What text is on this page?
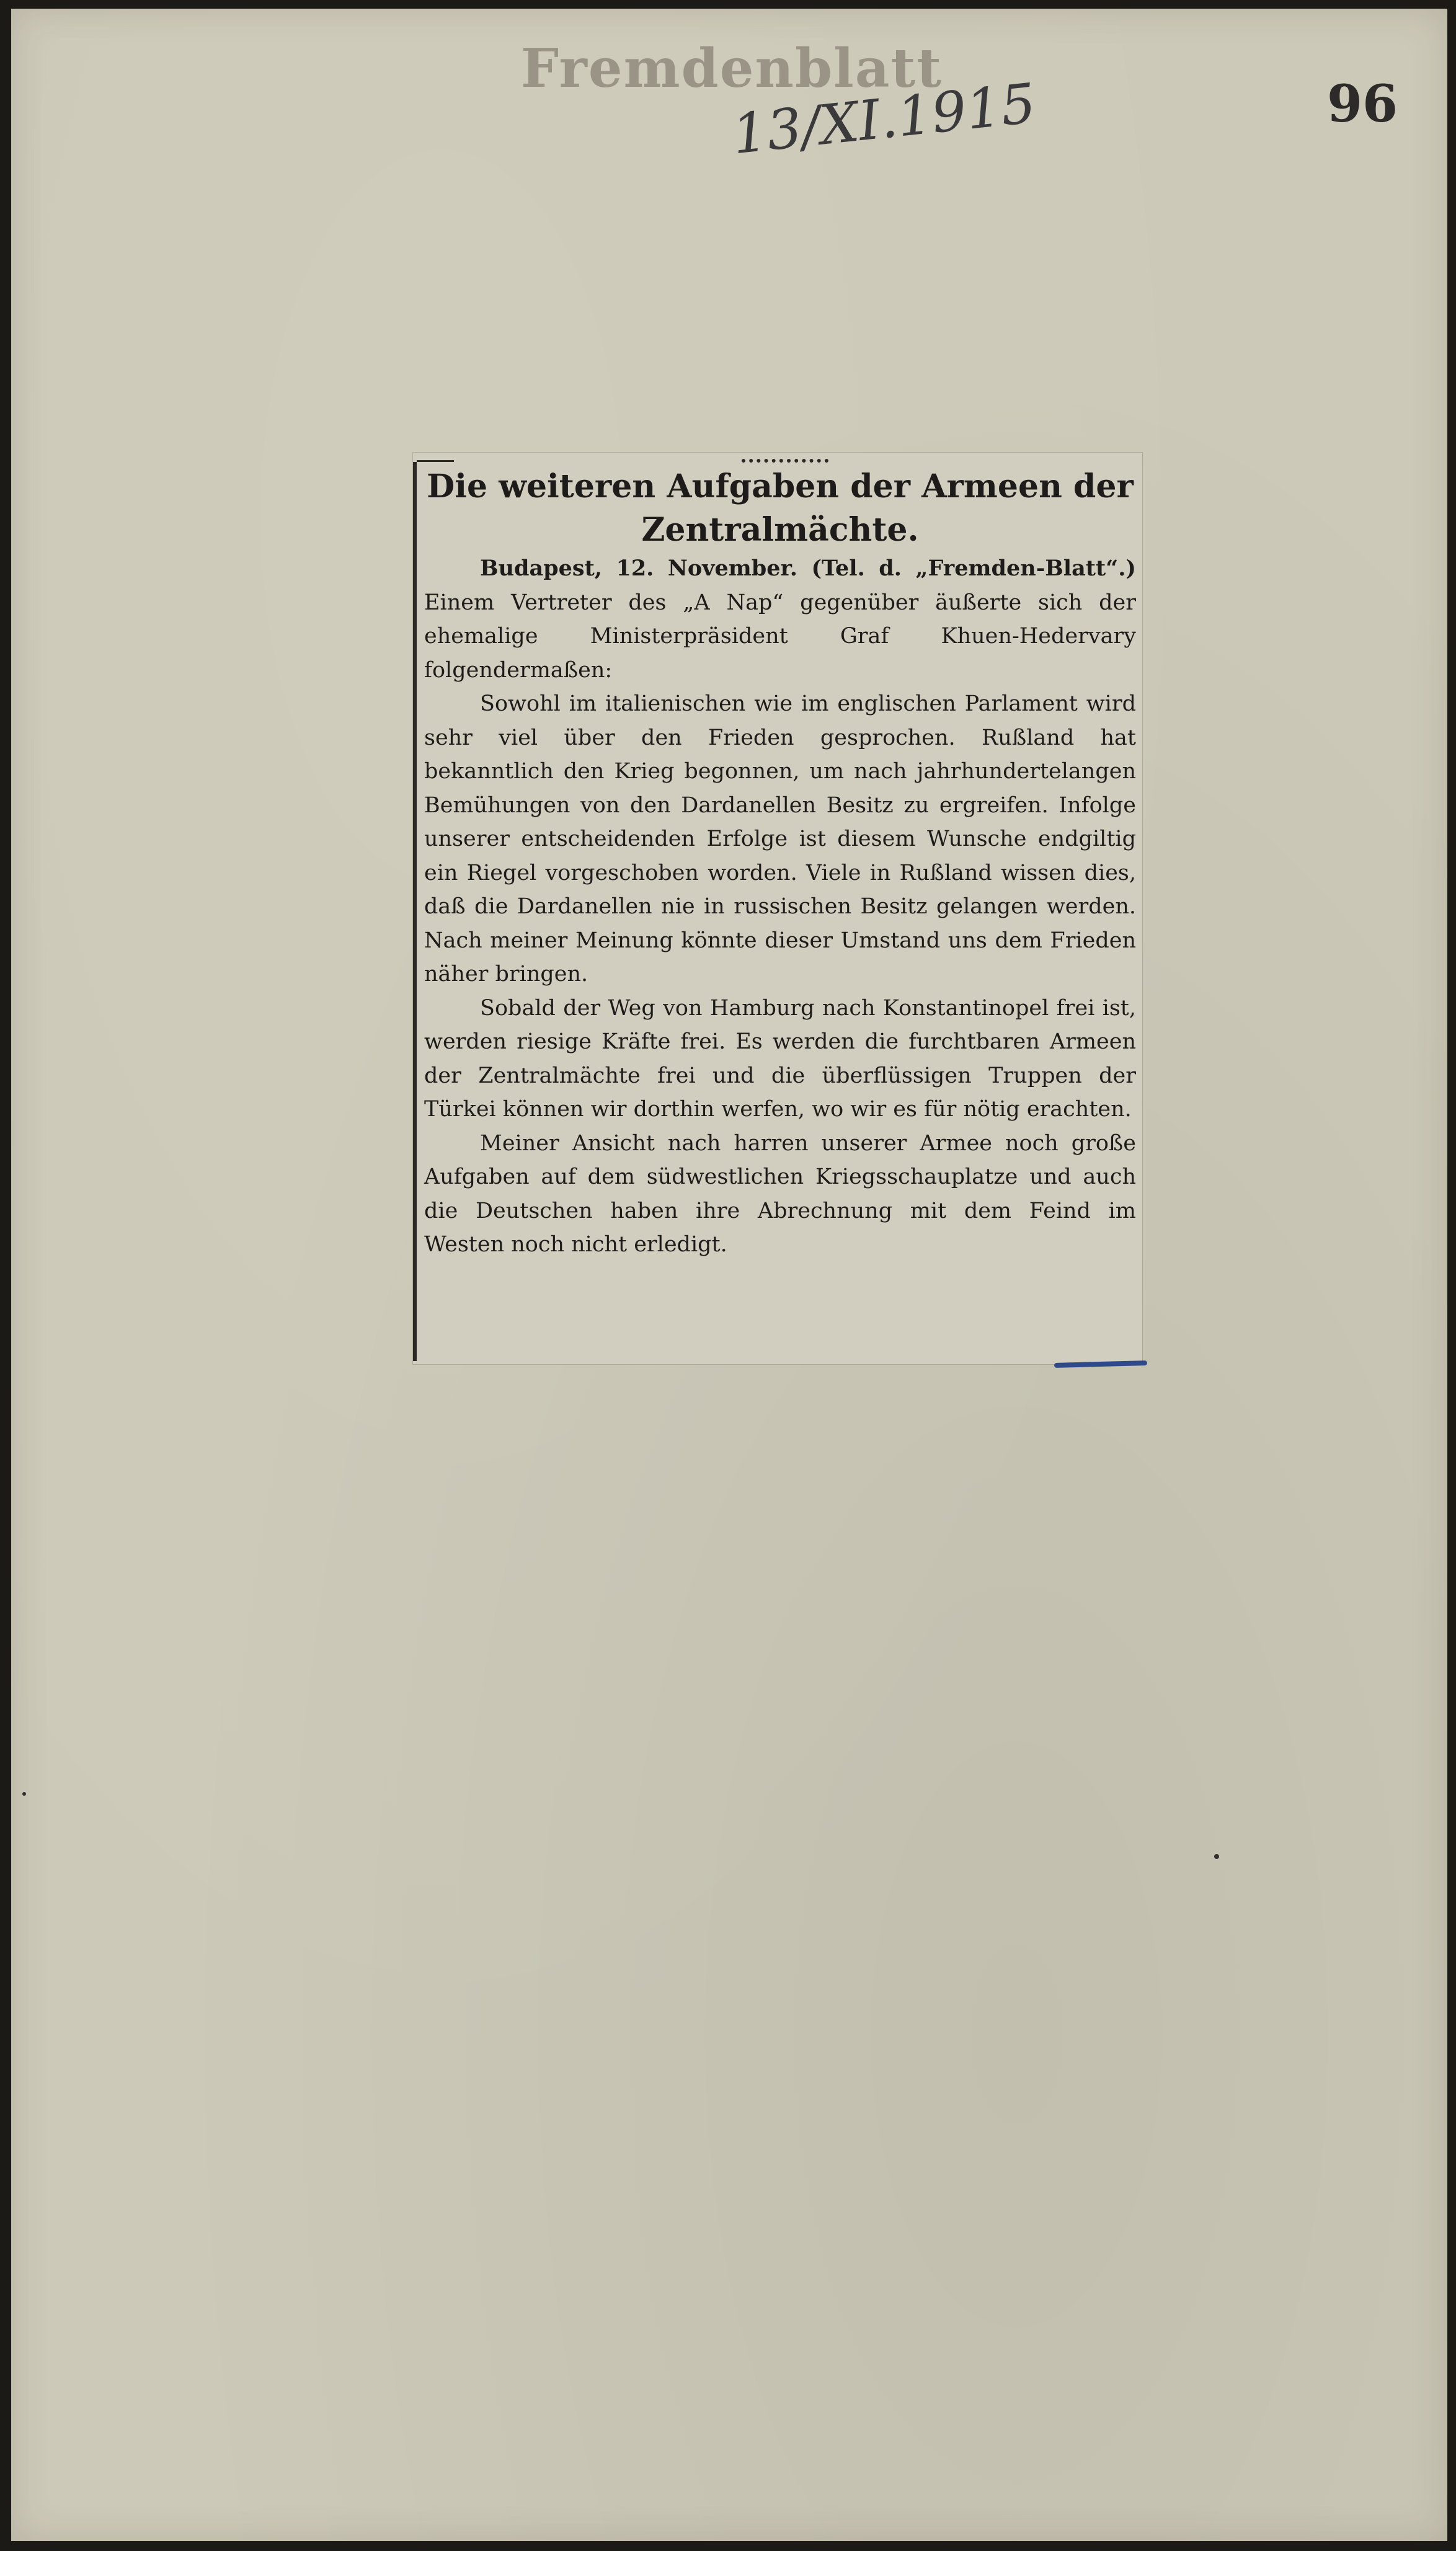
Fremdenblatt
13/XI.1915	96

Die weiteren Aufgaben der Armeen der Zentralmächte.

Budapest, 12. November. (Tel. d. „Fremden-Blatt“.) Einem Vertreter des „A Nap“ gegenüber äußerte sich der ehemalige Ministerpräsident Graf Khuen-Hedervary folgendermaßen:

Sowohl im italienischen wie im englischen Parlament wird sehr viel über den Frieden gesprochen. Rußland hat bekanntlich den Krieg begonnen, um nach jahrhundertelangen Bemühungen von den Dardanellen Besitz zu ergreifen. Infolge unserer entscheidenden Erfolge ist diesem Wunsche endgiltig ein Riegel vorgeschoben worden. Viele in Rußland wissen dies, daß die Dardanellen nie in russischen Besitz gelangen werden. Nach meiner Meinung könnte dieser Umstand uns dem Frieden näher bringen.

Sobald der Weg von Hamburg nach Konstantinopel frei ist, werden riesige Kräfte frei. Es werden die furchtbaren Armeen der Zentralmächte frei und die überflüssigen Truppen der Türkei können wir dorthin werfen, wo wir es für nötig erachten.

Meiner Ansicht nach harren unserer Armee noch große Aufgaben auf dem südwestlichen Kriegsschauplatze und auch die Deutschen haben ihre Abrechnung mit dem Feind im Westen noch nicht erledigt.
